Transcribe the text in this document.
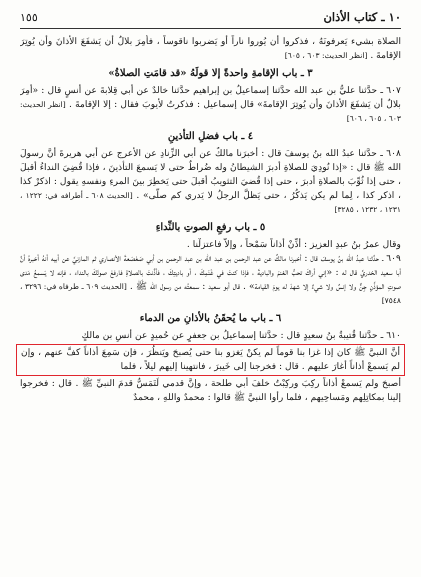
١٠ ـ كتاب الأذان
١٥٥
الصلاة بشيء يَعرفونَهُ ، فذكروا أن يُوروا ناراً أو يَضربوا ناقوساً ، فأُمِرَ بلالٌ أن يَشفَعَ الأذانَ وأن يُوتِرَ الإقامةَ . [انظر الحديث: ٦٠٣ ، ٦٠٥]
٣ ـ باب الإقامةِ واحدةً إلا قولَهُ «قد قامَتِ الصلاةُ»
٦٠٧ ـ حدَّثنا عليُّ بن عبد الله حدَّثنا إسماعيلُ بن إبراهيم حدَّثنا خالدٌ عن أبي قِلابةَ عن أنسٍ قال : «أُمِرَ بلالٌ أن يَشفَعَ الأذانَ وأن يُوتِرَ الإقامةَ» قال إسماعيل : فذكرتُ لأيوبَ فقال : إلا الإقامةَ . [انظر الحديث: ٦٠٣ ، ٦٠٥ ، ٦٠٦]
٤ ـ باب فضلِ التأذينِ
٦٠٨ ـ حدَّثنا عبدُ الله بنُ يوسفَ قال : أخبرَنا مالكٌ عن أبي الزِّنادِ عن الأعرج عن أبي هريرةَ أنَّ رسولَ الله ﷺ قال : «إذا نُودِيَ للصلاةِ أدبرَ الشيطانُ وله ضُراطٌ حتى لا يَسمعَ التأذينَ ، فإذا قُضِيَ النداءُ أقبلَ ، حتى إذا ثُوِّبَ بالصلاةِ أدبرَ ، حتى إذا قُضيَ التثويبُ أقبلَ حتى يَخطِرَ بينَ المرءِ ونفسهِ يقول : اذكرْ كذا ، اذكر كذا ، لِما لم يكن يَذكُرُ ، حتى يَظلَّ الرجلُ لا يَدري كم صلّى» . [الحديث ٦٠٨ ـ أطرافه في: ١٢٢٢ ، ١٢٣١ ، ١٢٣٢ ، ٣٢٨٥]
٥ ـ باب رفعِ الصوتِ بالنِّداءِ
وقال عمرُ بنُ عبدِ العزيز : أذِّنْ أذاناً سَمْحاً ، وإلاَّ فاعتزلْنا .
٦٠٩ ـ حدَّثنا عبدُ الله بنُ يوسفَ قال : أخبرنا مالكٌ عن عبد الرحمن بن عبد الله بن عبد الرحمن بن أبي صَعْصَعةَ الأنصاري ثم المازنيِّ عن أبيه أنهُ أخبرهُ أنَّ أبا سعيد الخدريَّ قال له : «إني أراكَ تحبُّ الغنمَ والباديةَ ، فإذا كنتَ في غَنَمِكَ ، أو باديتِكَ ، فأذَّنتَ بالصلاةِ فارفعْ صوتَكَ بالنداء ، فإنه لا يَسمعُ مَدى صوتِ المؤذِّنِ جِنٌّ ولا إنسٌ ولا شيءٌ إلا شهدَ له يومَ القيامة» . قال أبو سعيد : سمعتُه من رسول الله ﷺ . [الحديث ٦٠٩ ـ طرفاه في: ٣٢٩٦ ، ٧٥٤٨]
٦ ـ باب ما يُحقَنُ بالأذانِ من الدماء
٦١٠ ـ حدَّثنا قُتيبةُ بنُ سعيدٍ قال : حدَّثنا إسماعيلُ بن جعفرٍ عن حُميدٍ عن أنسِ بن مالكٍ
أنَّ النبيَّ ﷺ كان إذا غزا بنا قوماً لم يكنْ يَغزو بنا حتى يُصبحَ ويَنظُرَ ، فإن سَمِعَ أذاناً كفَّ عنهم ، وإن لم يَسمعْ أذاناً أغارَ عليهم . قال : فخرجنا إلى خَيبرَ ، فانتهينا إليهم ليلاً ، فلما
أصبحَ ولم يَسمعْ أذاناً ركِبَ وركِبْتُ خلفَ أبي طلحة ، وإنَّ قدمي لَتَمَسُّ قدمَ النبيِّ ﷺ . قال : فخرجوا إلينا بمكاتِلِهم ومَساحِيهم ، فلما رأوا النبيَّ ﷺ قالوا : محمدٌ واللهِ ، محمدٌ
